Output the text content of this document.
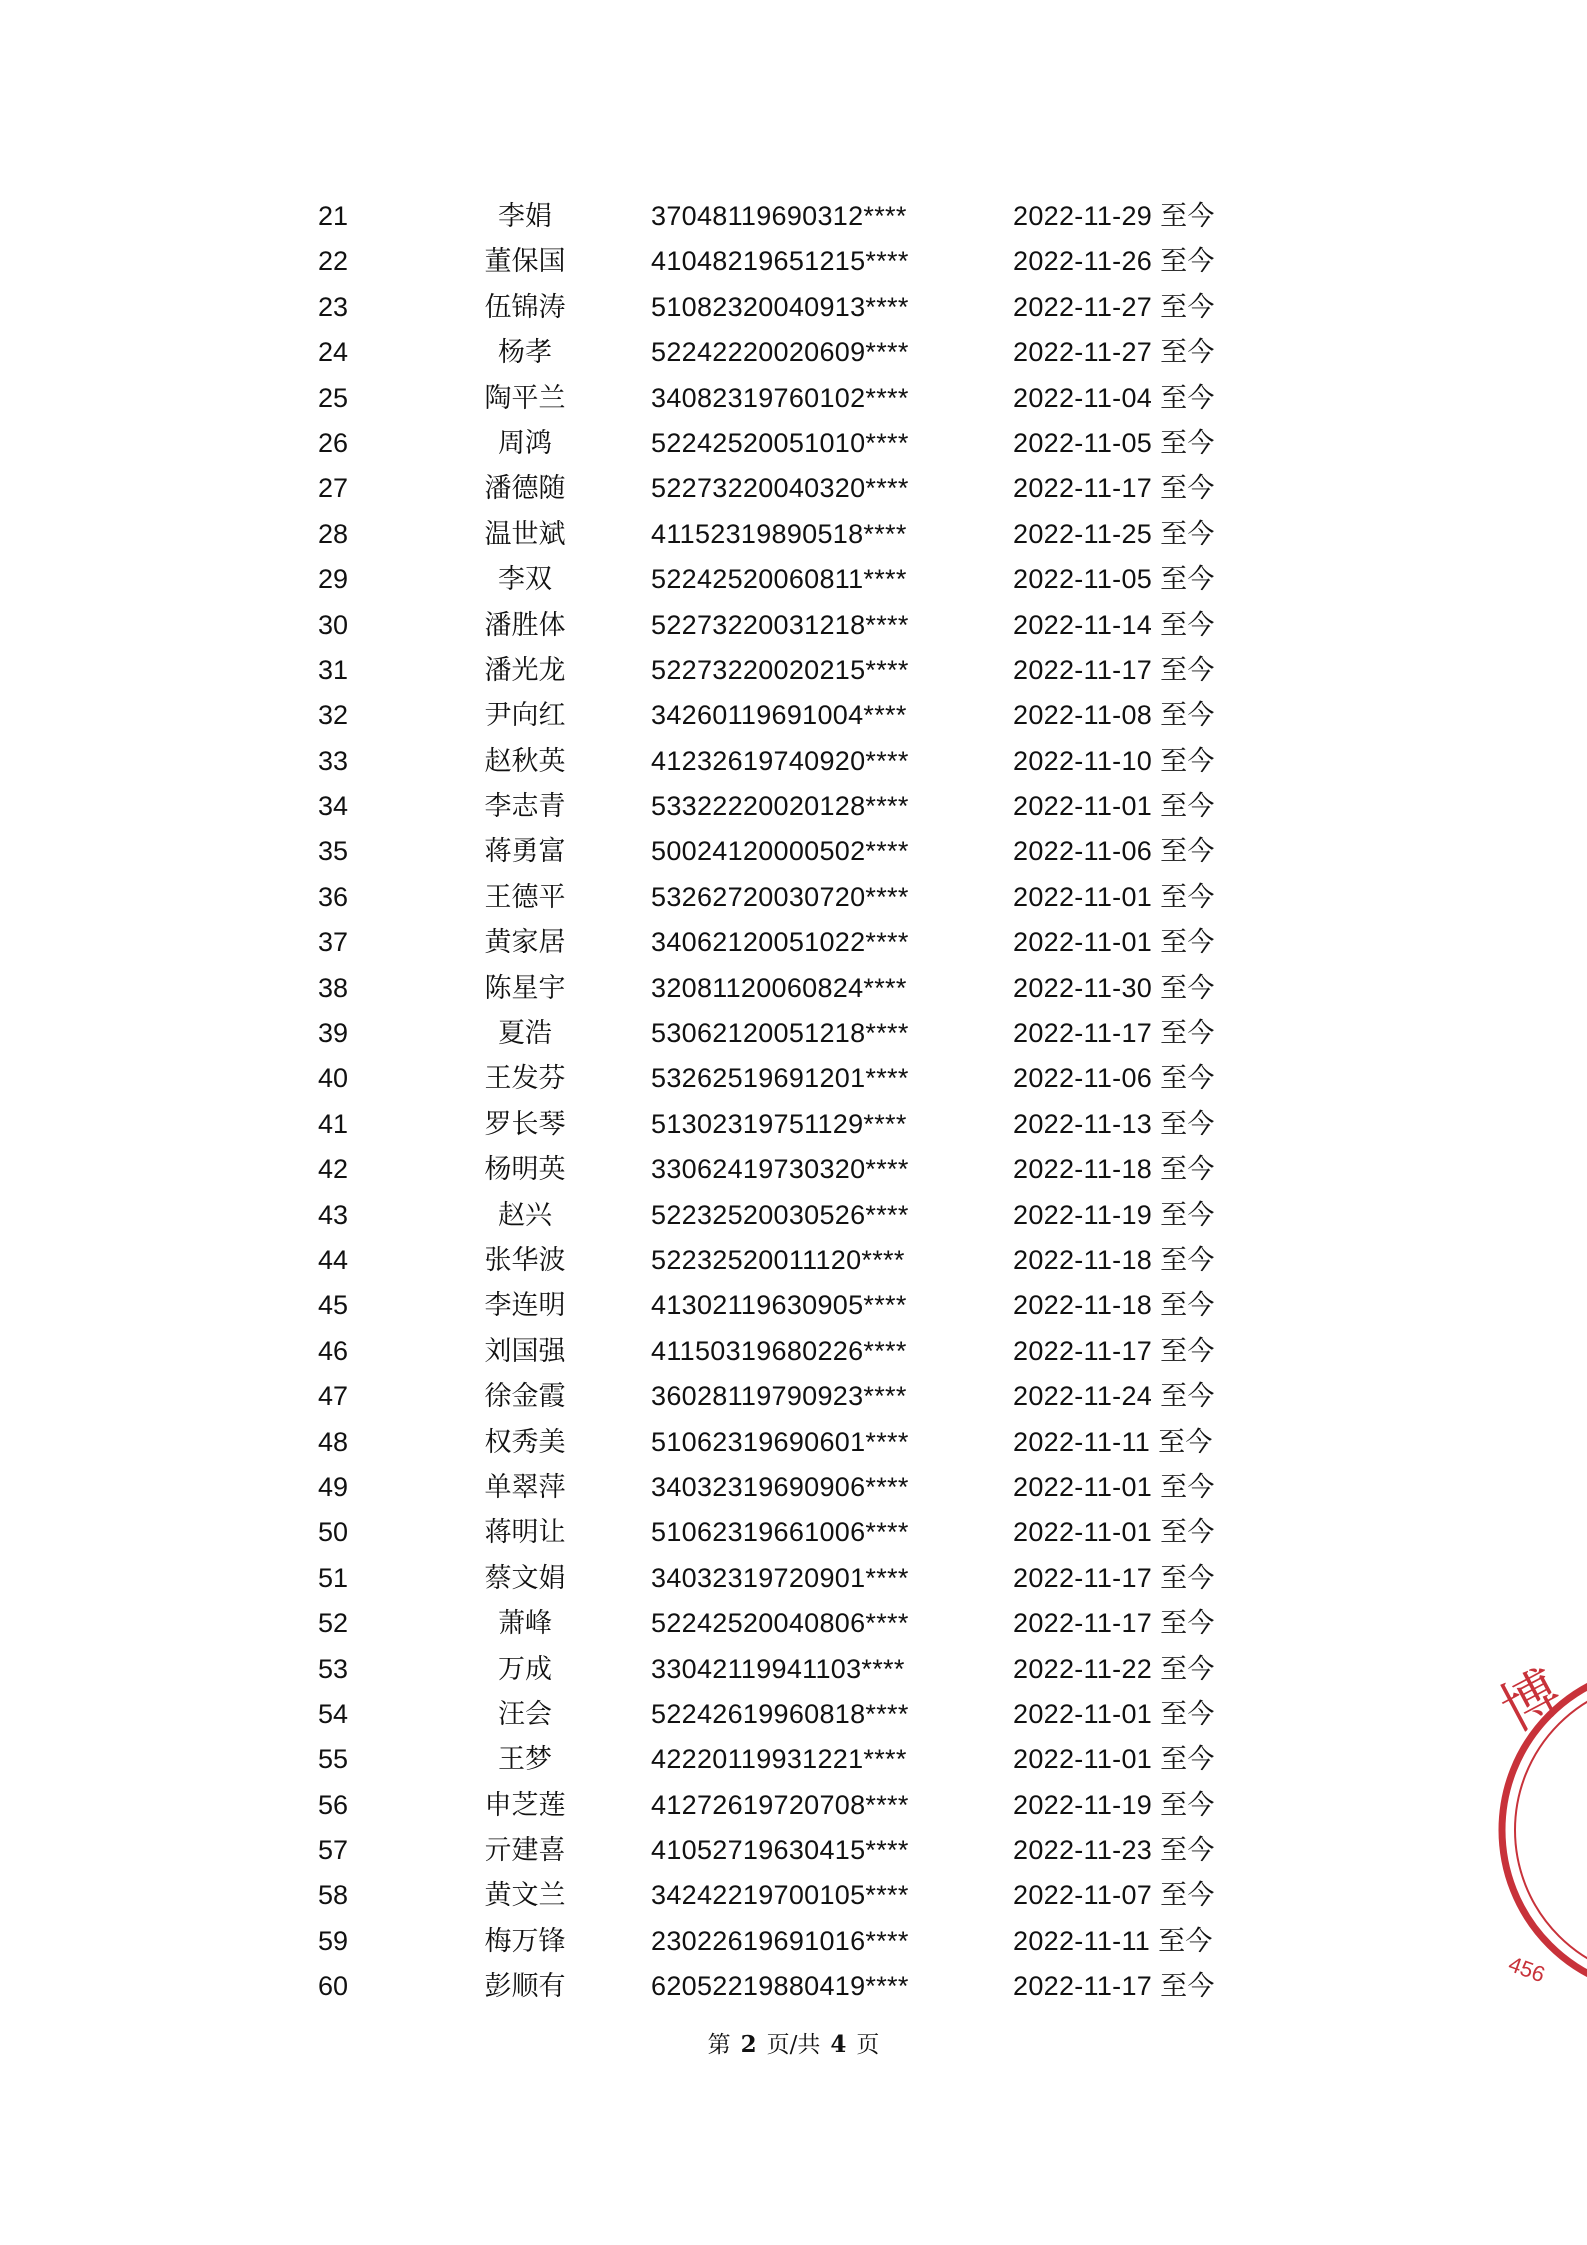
21	李娟	37048119690312****	2022-11-29 至今
22	董保国	41048219651215****	2022-11-26 至今
23	伍锦涛	51082320040913****	2022-11-27 至今
24	杨孝	52242220020609****	2022-11-27 至今
25	陶平兰	34082319760102****	2022-11-04 至今
26	周鸿	52242520051010****	2022-11-05 至今
27	潘德随	52273220040320****	2022-11-17 至今
28	温世斌	41152319890518****	2022-11-25 至今
29	李双	52242520060811****	2022-11-05 至今
30	潘胜体	52273220031218****	2022-11-14 至今
31	潘光龙	52273220020215****	2022-11-17 至今
32	尹向红	34260119691004****	2022-11-08 至今
33	赵秋英	41232619740920****	2022-11-10 至今
34	李志青	53322220020128****	2022-11-01 至今
35	蒋勇富	50024120000502****	2022-11-06 至今
36	王德平	53262720030720****	2022-11-01 至今
37	黄家居	34062120051022****	2022-11-01 至今
38	陈星宇	32081120060824****	2022-11-30 至今
39	夏浩	53062120051218****	2022-11-17 至今
40	王发芬	53262519691201****	2022-11-06 至今
41	罗长琴	51302319751129****	2022-11-13 至今
42	杨明英	33062419730320****	2022-11-18 至今
43	赵兴	52232520030526****	2022-11-19 至今
44	张华波	52232520011120****	2022-11-18 至今
45	李连明	41302119630905****	2022-11-18 至今
46	刘国强	41150319680226****	2022-11-17 至今
47	徐金霞	36028119790923****	2022-11-24 至今
48	权秀美	51062319690601****	2022-11-11 至今
49	单翠萍	34032319690906****	2022-11-01 至今
50	蒋明让	51062319661006****	2022-11-01 至今
51	蔡文娟	34032319720901****	2022-11-17 至今
52	萧峰	52242520040806****	2022-11-17 至今
53	万成	33042119941103****	2022-11-22 至今
54	汪会	52242619960818****	2022-11-01 至今
55	王梦	42220119931221****	2022-11-01 至今
56	申芝莲	41272619720708****	2022-11-19 至今
57	亓建喜	41052719630415****	2022-11-23 至今
58	黄文兰	34242219700105****	2022-11-07 至今
59	梅万锋	23022619691016****	2022-11-11 至今
60	彭顺有	62052219880419****	2022-11-17 至今
第 2 页/共 4 页
博
456
